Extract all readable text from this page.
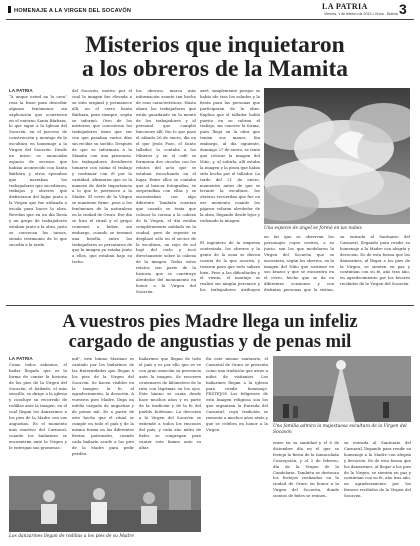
HOMENAJE A LA VIRGEN DEL SOCAVÓN	LA PATRIA
Viernes, 1 de febrero de 2013 • Oruro - Bolivia 3
Misterios que inquietaron
a los obreros de la Mamita
LA PATRIA

“A unque usted no lo crea” reza la frase para describir algunos fenómenos sin explicación que ocurrieron en el entorno Santa Bárbara, lo que sigue a la Iglesia del Socavón, en el proceso de construcción y montaje de la escultura en homenaje a la Virgen del Socavón. Desde un inicio se anunciaba espacio de sucesos que habían acontecido con Santa Bárbara y otros episodios que narraban los trabajadores que sucedieron, trabajos y obreros que disfrutaron del lugar junto a la Virgen que fue utilizada a escala para hacer la obra. Revelan que en un día llovía y un grupo de trabajadores estaban junto a la obra, justo se convocan las tareas, siendo testimonio de lo que sucedía a la tarde.

del Socavón, motivo por el cual la imagen fue elevada a su sitio original y permanece allí, en el cerro Santa Bárbara, para siempre, según se informó. Otro de los misterios que conocieron los trabajadores tiene que ver con que pasaban varios días sin recibir su sueldo. Después de que se informara a la Mamita con una presencia, los trabajadores decidieron tomarse con calma el trabajo y continuar con él por la cantidad, afirmaron que es la manera de darle importancia a lo que le pertenece a la Madre. El cerro de la Virgen se mantiene firme, pese a los fenómenos de la naturaleza en la ciudad de Oruro. Ese día se hizo el ritual y el grupo comenzó a beber, sin embargo, cuando se terminó una botella, entre los trabajadores se percataron de que la imagen ya estaba junto a ellos, que estaban bajo su techo.

los obreros, marca más información asunto tan hecho de esas características. Hasta ahora los trabajadores que están guardando en la mente de los trabajadores y al personal que cumplió funciones allí, fue lo que pasó el sábado 26 de enero, día en el que Jesús Pozo, el Santo tallador, lo contaba a los Mineros y en el café se formaron dos círculos con los relatos del acto que se estaban escuchando en el lugar. Entre ellos se contaba que al buscar fotografías, se sorprendían con ellas y se encontraban con algo diferente. También cuentan que cuando se tenía que colocar la corona a la cabeza de la Virgen, el día estaba completamente nublado en la ciudad, pero de repente se desplazó sólo en el sector de la escultura, un rayo de sol bajó del cielo y tocó directamente sobre la cabeza de la imagen. Todos estos relatos son parte de la historia que se construye alrededor del monumento en honor a la Virgen del Socavón.

zaré, simplemente porque se había ido tras los saludos y la fiesta para las personas que participaron de la obra. Explica que el tallador había puesto en su cabeza el trabajo, sin conocer la forma, pues llegó en la obra que tenían sus manos. Sin embargo, al día siguiente, domingo 27 de enero, se tenía que colocar la imagen del Niño, y, al subirla, allí estaba la imagen y la pieza que había sido hecha por el tallador. La tarde del 21 de enero, momentos antes de que se levante la escultura, los obreros recuerdan que fue en ese momento cuando los pájaros volaron alrededor de la obra, llegando desde lejos y rodeando la imagen.

El ingeniero de la empresa contratada, los obreros y la gente de la zona se dieron cuenta de lo que ocurría, y rezaron para que todo saliera bien. Pese a las dificultades y el viento, el montaje se realizó sin ningún percance y los trabajadores atribuyen

Una especie de ángel se formó en las nubes

en las que se observan los personajes cuyos rostros, a su juicio, son los que modelaron la Virgen del Socavón que se encuentra, según los obreros, en la imagen del Niño que sostiene en sus brazos y que se encuentra en el cerro, hecho que se da en diferentes ocasiones y con distintas personas que la visitan,

su entrada al Santuario del Carnaval, llegando para rendir su homenaje a la Madre con alegría y devoción. Es de esta forma que los danzarines, al llegar a los pies de la Virgen, se sienten en paz y continúan con su fe, año tras año, en agradecimiento por los favores recibidos de la Virgen del Socavón.

A vuestros pies Madre llega un infeliz
cargado de angustias y de penas mil
LA PATRIA

Como todos sabemos, el bailar llegado que es la forma de contar la historia de los pies de la Virgen del Socavón, el bailarín, el más sencillo, se dirige a la iglesia y concluye su recorrido de rodillas ante la imagen, en el cual llegan los danzarines a los pies de la Madre con sus angustias. Es el momento más emotivo del Carnaval, cuando los bailarines se encuentran ante la Virgen y le entregan sus promesas.

mil", este himno Mariano es cantado por los bailarines de las fraternidades que llegan a los pies de la Virgen del Socavón. Se hacen visibles en la imagen: la fe, el agradecimiento, la devoción. A vuestros pies Madre, llega un infeliz cargado de angustias y de penas mil. Es a partir de este hecho que el ritual se cumple en todo el país y de la misma forma en las diferentes fiestas patronales, cuando cada bailarín acude a los pies de la Madre para pedir perdón.

bailarines que llegan de todo el país y es por ello que se ve con gran emoción su presencia ante la imagen. Se recorren centenares de kilómetros de la ruta con lágrimas en los ojos. Este himno se canta desde hace muchos años y es parte de la tradición y de la fe del pueblo boliviano. La devoción a la Virgen del Socavón se extiende a todos los rincones del país, y cada año miles de fieles se congregan para cantar este himno ante su altar.

En este mismo santuario, el Carnaval de Oruro se presenta como una tradición que atrae a miles de visitantes. Los bailarines llegan a la iglesia para rendir homenaje. FESTEJOS Los feligreses de esta Imagen religiosa son los que organizan la Entrada del Carnaval, cuya tradición se remonta a muchos años atrás y que se celebra en honor a la Virgen.

entre en su santidad y el 8 de diciembre día en el que se festeja la fiesta de la Inmaculada Concepción, y el 2 de febrero, día de la Virgen de la Candelaria. También se destacan los festejos realizados en la ciudad de Oruro en honor a la Virgen del Socavón, donde cientos de fieles se reúnen.

Una familia admira la majestuosa escultura de la Virgen del Socavón

su entrada al Santuario del Carnaval, llegando para rendir su homenaje a la Madre con alegría y devoción. Es de esta forma que los danzarines, al llegar a los pies de la Virgen, se sienten en paz y continúan con su fe, año tras año, en agradecimiento por los favores recibidos de la Virgen del Socavón.

Los danzarines llegan de rodillas a los pies de su Madre
